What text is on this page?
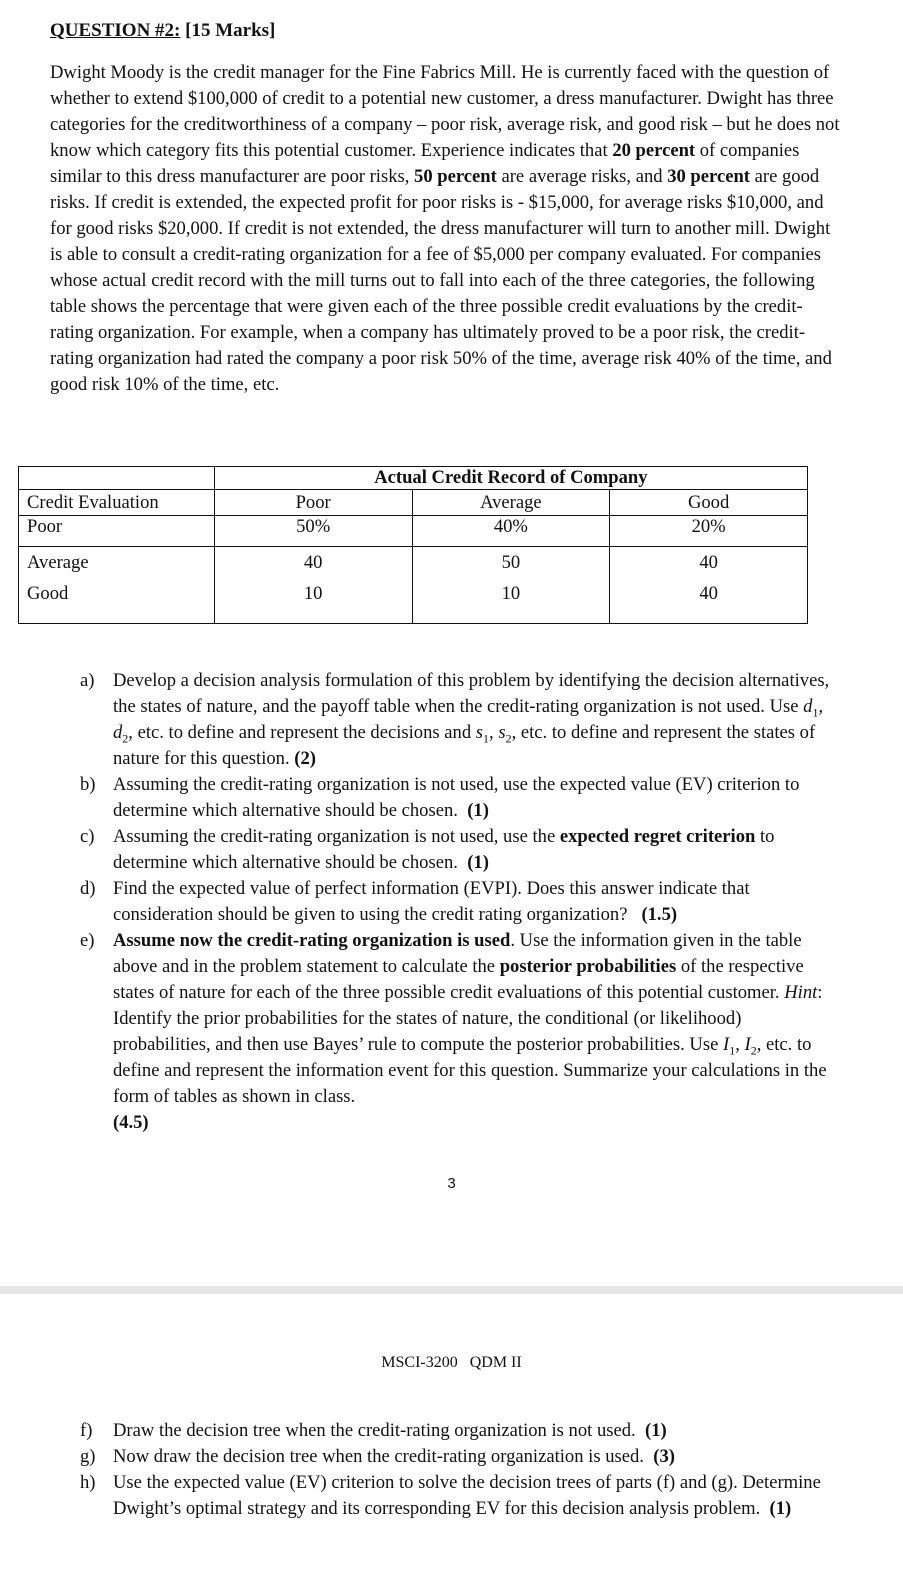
QUESTION #2: [15 Marks]
Dwight Moody is the credit manager for the Fine Fabrics Mill. He is currently faced with the question of whether to extend $100,000 of credit to a potential new customer, a dress manufacturer. Dwight has three categories for the creditworthiness of a company – poor risk, average risk, and good risk – but he does not know which category fits this potential customer. Experience indicates that 20 percent of companies similar to this dress manufacturer are poor risks, 50 percent are average risks, and 30 percent are good risks. If credit is extended, the expected profit for poor risks is - $15,000, for average risks $10,000, and for good risks $20,000. If credit is not extended, the dress manufacturer will turn to another mill. Dwight is able to consult a credit-rating organization for a fee of $5,000 per company evaluated. For companies whose actual credit record with the mill turns out to fall into each of the three categories, the following table shows the percentage that were given each of the three possible credit evaluations by the credit-rating organization. For example, when a company has ultimately proved to be a poor risk, the credit-rating organization had rated the company a poor risk 50% of the time, average risk 40% of the time, and good risk 10% of the time, etc.
	Actual Credit Record of Company		
Credit Evaluation	Poor	Average	Good
Poor	50%	40%	20%
Average	40	50	40
Good	10	10	40
a) Develop a decision analysis formulation of this problem by identifying the decision alternatives, the states of nature, and the payoff table when the credit-rating organization is not used. Use $d_1$, $d_2$, etc. to define and represent the decisions and $s_1$, $s_2$, etc. to define and represent the states of nature for this question. (2)
b) Assuming the credit-rating organization is not used, use the expected value (EV) criterion to determine which alternative should be chosen. (1)
c) Assuming the credit-rating organization is not used, use the expected regret criterion to determine which alternative should be chosen. (1)
d) Find the expected value of perfect information (EVPI). Does this answer indicate that consideration should be given to using the credit rating organization? (1.5)
e) Assume now the credit-rating organization is used. Use the information given in the table above and in the problem statement to calculate the posterior probabilities of the respective states of nature for each of the three possible credit evaluations of this potential customer. Hint: Identify the prior probabilities for the states of nature, the conditional (or likelihood) probabilities, and then use Bayes’ rule to compute the posterior probabilities. Use $I_1$, $I_2$, etc. to define and represent the information event for this question. Summarize your calculations in the form of tables as shown in class.
(4.5)
3
MSCI-3200   QDM II
f) Draw the decision tree when the credit-rating organization is not used. (1)
g) Now draw the decision tree when the credit-rating organization is used. (3)
h) Use the expected value (EV) criterion to solve the decision trees of parts (f) and (g). Determine Dwight’s optimal strategy and its corresponding EV for this decision analysis problem. (1)
